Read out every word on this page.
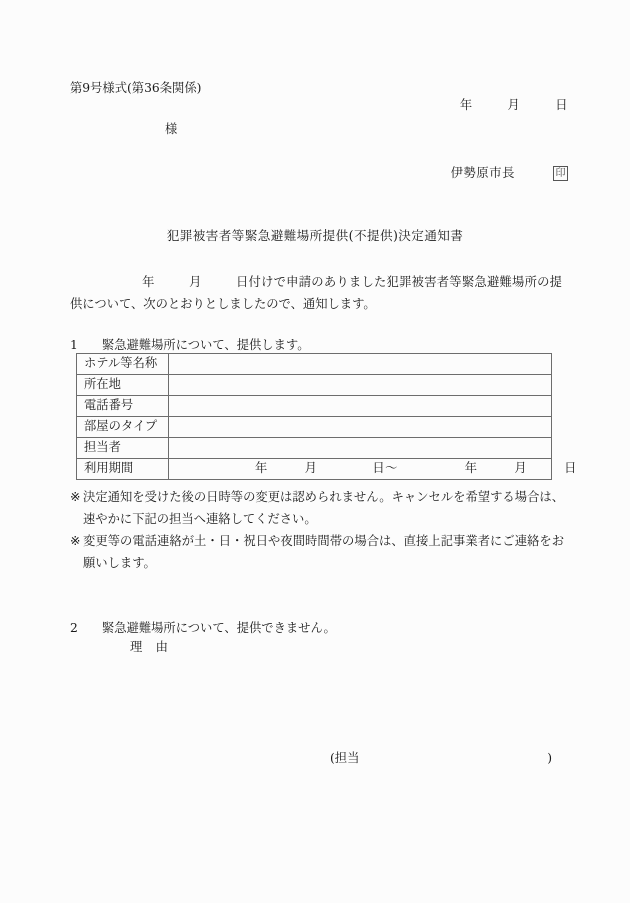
第9号様式(第36条関係)
年	月	日
様
伊勢原市長	印
犯罪被害者等緊急避難場所提供(不提供)決定通知書
年	月	日付けで申請のありました犯罪被害者等緊急避難場所の提供について、次のとおりとしましたので、通知します。
1 緊急避難場所について、提供します。
ホテル等名称	
所在地	
電話番号	
部屋のタイプ	
担当者	
利用期間	年 月 日～ 年 月 日
※ 決定通知を受けた後の日時等の変更は認められません。キャンセルを希望する場合は、速やかに下記の担当へ連絡してください。
※ 変更等の電話連絡が土・日・祝日や夜間時間帯の場合は、直接上記事業者にご連絡をお願いします。
2 緊急避難場所について、提供できません。
理　由
(担当	)
